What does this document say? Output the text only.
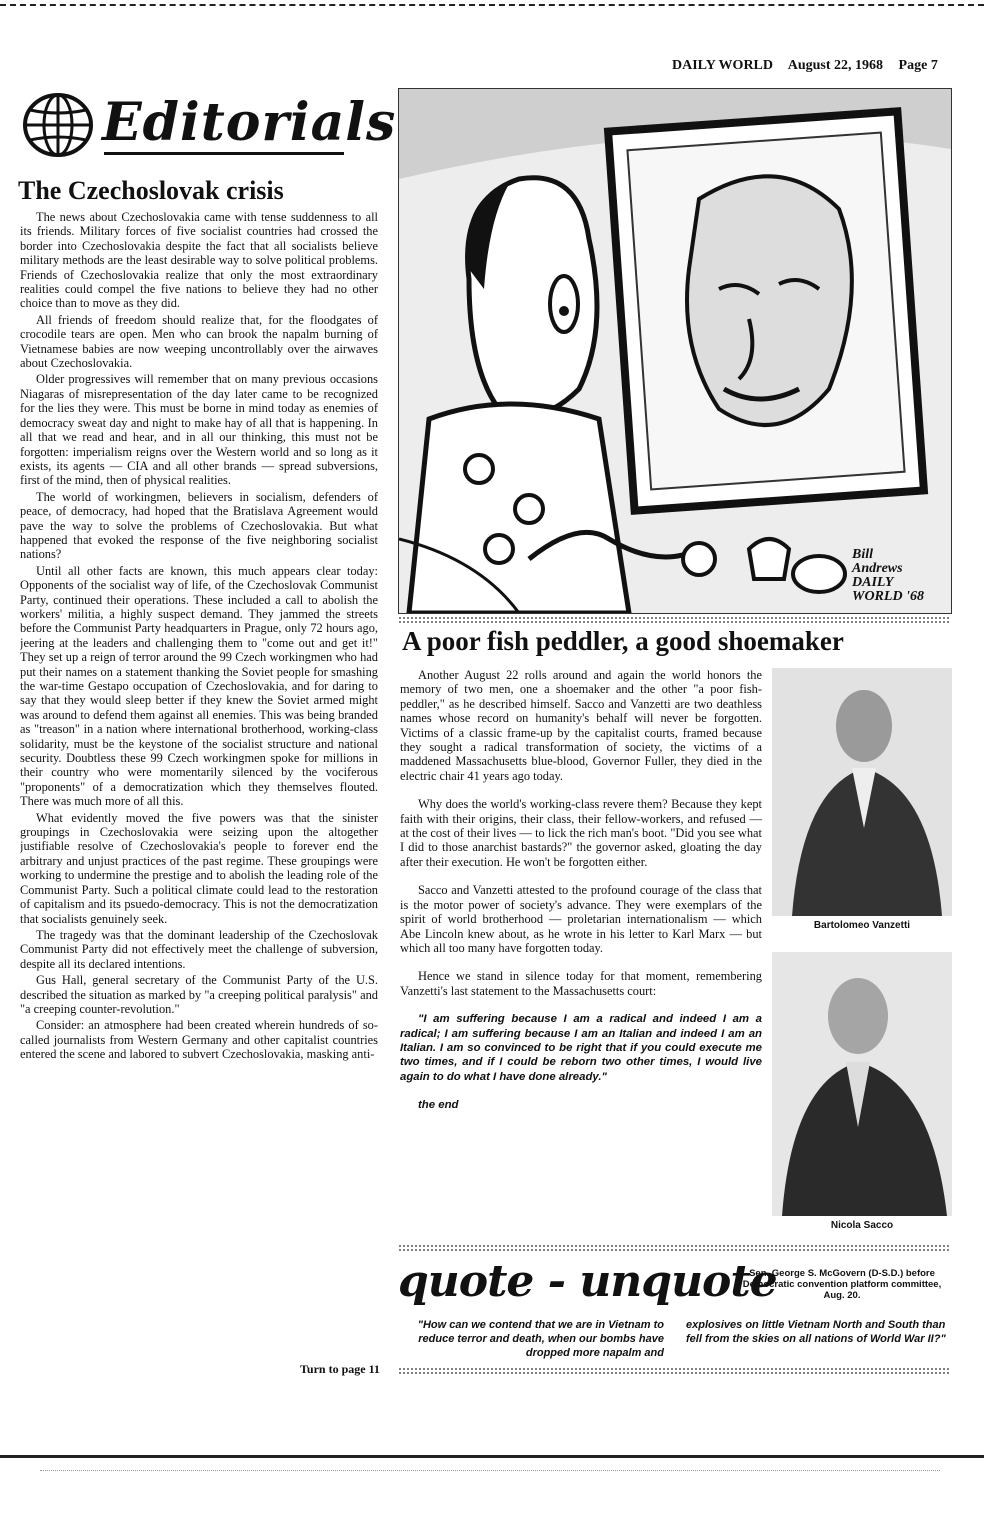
DAILY WORLD August 22, 1968 Page 7
Editorials
The Czechoslovak crisis

The news about Czechoslovakia came with tense suddenness to all its friends. Military forces of five socialist countries had crossed the border into Czechoslovakia despite the fact that all socialists believe military methods are the least desirable way to solve political problems. Friends of Czechoslovakia realize that only the most extraordinary realities could compel the five nations to believe they had no other choice than to move as they did.

All friends of freedom should realize that, for the floodgates of crocodile tears are open. Men who can brook the napalm burning of Vietnamese babies are now weeping uncontrollably over the airwaves about Czechoslovakia.

Older progressives will remember that on many previous occasions Niagaras of misrepresentation of the day later came to be recognized for the lies they were. This must be borne in mind today as enemies of democracy sweat day and night to make hay of all that is happening. In all that we read and hear, and in all our thinking, this must not be forgotten: imperialism reigns over the Western world and so long as it exists, its agents — CIA and all other brands — spread subversions, first of the mind, then of physical realities.

The world of workingmen, believers in socialism, defenders of peace, of democracy, had hoped that the Bratislava Agreement would pave the way to solve the problems of Czechoslovakia. But what happened that evoked the response of the five neighboring socialist nations?

Until all other facts are known, this much appears clear today: Opponents of the socialist way of life, of the Czechoslovak Communist Party, continued their operations. These included a call to abolish the workers' militia, a highly suspect demand. They jammed the streets before the Communist Party headquarters in Prague, only 72 hours ago, jeering at the leaders and challenging them to "come out and get it!" They set up a reign of terror around the 99 Czech workingmen who had put their names on a statement thanking the Soviet people for smashing the war-time Gestapo occupation of Czechoslovakia, and for daring to say that they would sleep better if they knew the Soviet armed might was around to defend them against all enemies. This was being branded as "treason" in a nation where international brotherhood, working-class solidarity, must be the keystone of the socialist structure and national security. Doubtless these 99 Czech workingmen spoke for millions in their country who were momentarily silenced by the vociferous "proponents" of a democratization which they themselves flouted. There was much more of all this.

What evidently moved the five powers was that the sinister groupings in Czechoslovakia were seizing upon the altogether justifiable resolve of Czechoslovakia's people to forever end the arbitrary and unjust practices of the past regime. These groupings were working to undermine the prestige and to abolish the leading role of the Communist Party. Such a political climate could lead to the restoration of capitalism and its psuedo-democracy. This is not the democratization that socialists genuinely seek.

The tragedy was that the dominant leadership of the Czechoslovak Communist Party did not effectively meet the challenge of subversion, despite all its declared intentions.

Gus Hall, general secretary of the Communist Party of the U.S. described the situation as marked by "a creeping political paralysis" and "a creeping counter-revolution."

Consider: an atmosphere had been created wherein hundreds of so-called journalists from Western Germany and other capitalist countries entered the scene and labored to subvert Czechoslovakia, masking anti-

Turn to page 11
Bill
Andrews
DAILY
WORLD '68
A poor fish peddler, a good shoemaker

Another August 22 rolls around and again the world honors the memory of two men, one a shoemaker and the other "a poor fish-peddler," as he described himself. Sacco and Vanzetti are two deathless names whose record on humanity's behalf will never be forgotten. Victims of a classic frame-up by the capitalist courts, framed because they sought a radical transformation of society, the victims of a maddened Massachusetts blue-blood, Governor Fuller, they died in the electric chair 41 years ago today.

Why does the world's working-class revere them? Because they kept faith with their origins, their class, their fellow-workers, and refused — at the cost of their lives — to lick the rich man's boot. "Did you see what I did to those anarchist bastards?" the governor asked, gloating the day after their execution. He won't be forgotten either.

Sacco and Vanzetti attested to the profound courage of the class that is the motor power of society's advance. They were exemplars of the spirit of world brotherhood — proletarian internationalism — which Abe Lincoln knew about, as he wrote in his letter to Karl Marx — but which all too many have forgotten today.

Hence we stand in silence today for that moment, remembering Vanzetti's last statement to the Massachusetts court:

"I am suffering because I am a radical and indeed I am a radical; I am suffering because I am an Italian and indeed I am an Italian. I am so convinced to be right that if you could execute me two times, and if I could be reborn two other times, I would live again to do what I have done already."

the end

Bartolomeo Vanzetti
Nicola Sacco
quote - unquote
Sen. George S. McGovern (D-S.D.) before Democratic convention platform committee, Aug. 20.
"How can we contend that we are in Vietnam to reduce terror and death, when our bombs have dropped more napalm and
explosives on little Vietnam North and South than fell from the skies on all nations of World War II?"
